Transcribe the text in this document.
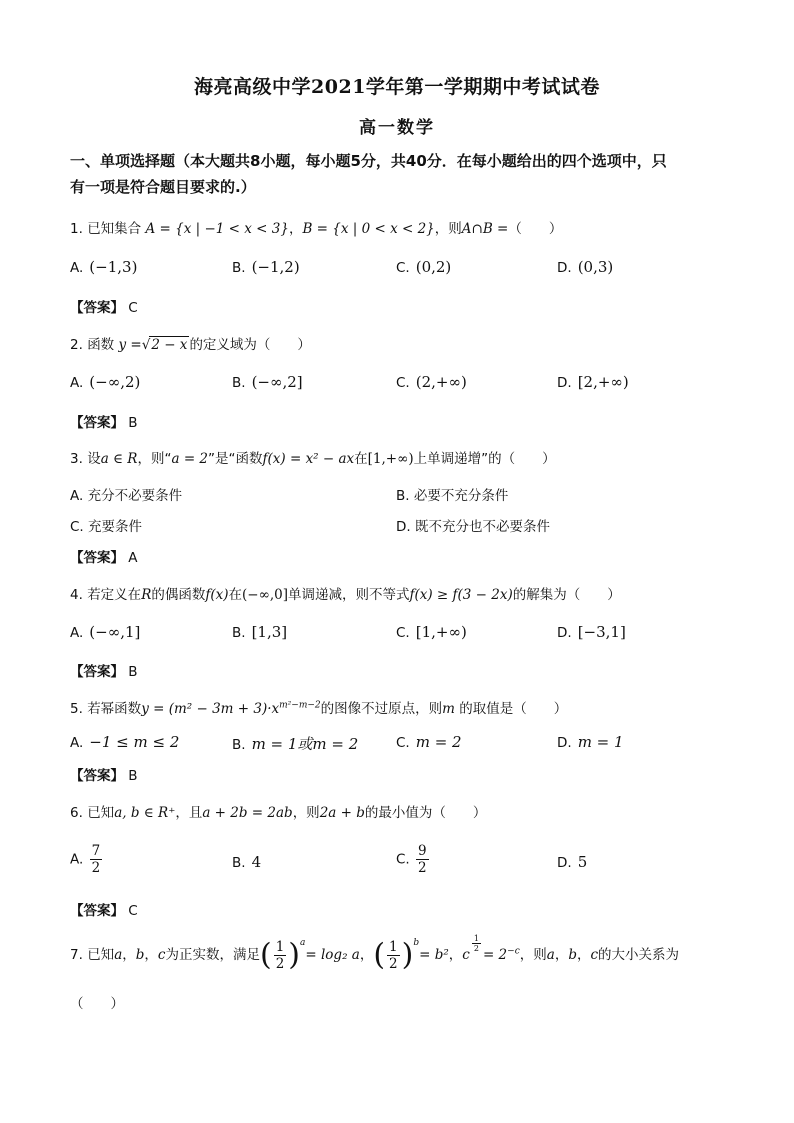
海亮高级中学2021学年第一学期期中考试试卷
高一数学
一、单项选择题（本大题共8小题，每小题5分，共40分．在每小题给出的四个选项中，只
有一项是符合题目要求的.）
1. 已知集合 A = {x | −1 < x < 3}，B = {x | 0 < x < 2}，则A∩B =（　　）
A. (−1,3)	B. (−1,2)	C. (0,2)	D. (0,3)
【答案】 C
2. 函数 y =√2 − x 的定义域为（　　）
A. (−∞,2)	B. (−∞,2]	C. (2,+∞)	D. [2,+∞)
【答案】 B
3. 设a ∈ R，则“a = 2”是“函数f(x) = x² − ax在[1,+∞)上单调递增”的（　　）
A. 充分不必要条件	B. 必要不充分条件
C. 充要条件	D. 既不充分也不必要条件
【答案】 A
4. 若定义在R的偶函数f(x)在(−∞,0]单调递减，则不等式f(x) ≥ f(3 − 2x)的解集为（　　）
A. (−∞,1]	B. [1,3]	C. [1,+∞)	D. [−3,1]
【答案】 B
5. 若幂函数$y = (m^2 - 3m + 3)\cdot x^{m^2-m-2}$的图像不过原点，则m 的取值是（　　）
A. −1 ≤ m ≤ 2	B. m = 1或m = 2	C. m = 2	D. m = 1
【答案】 B
6. 已知a, b ∈ R⁺，且a + 2b = 2ab，则2a + b的最小值为（　　）
A. $\frac{7}{2}$	B. 4	C. $\frac{9}{2}$	D. 5
【答案】 C
7. 已知a，b，c为正实数，满足( $\frac{1}{2} )^a= \log_2$ a，( $\frac{1}{2} )^b= b^2$，c
$^{\frac{1}{2}}$
= $2^{-c}$，则a，b，c的大小关系为
（　　）
